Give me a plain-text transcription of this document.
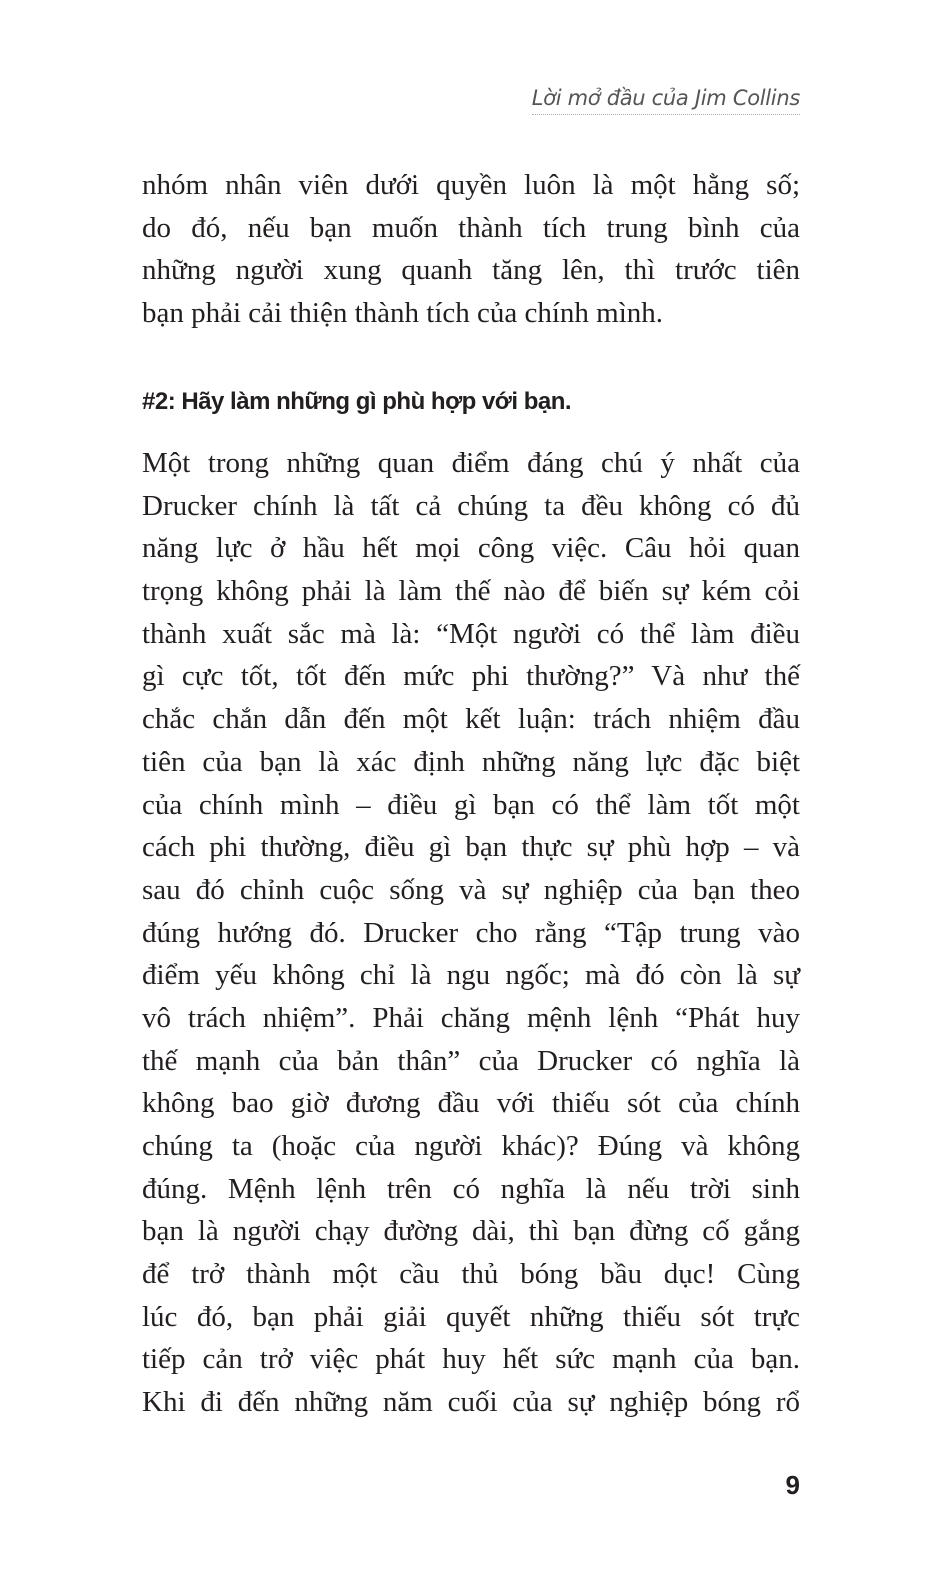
Lời mở đầu của Jim Collins
nhóm nhân viên dưới quyền luôn là một hằng số;
do đó, nếu bạn muốn thành tích trung bình của
những người xung quanh tăng lên, thì trước tiên
bạn phải cải thiện thành tích của chính mình.
#2: Hãy làm những gì phù hợp với bạn.
Một trong những quan điểm đáng chú ý nhất của
Drucker chính là tất cả chúng ta đều không có đủ
năng lực ở hầu hết mọi công việc. Câu hỏi quan
trọng không phải là làm thế nào để biến sự kém cỏi
thành xuất sắc mà là: “Một người có thể làm điều
gì cực tốt, tốt đến mức phi thường?” Và như thế
chắc chắn dẫn đến một kết luận: trách nhiệm đầu
tiên của bạn là xác định những năng lực đặc biệt
của chính mình – điều gì bạn có thể làm tốt một
cách phi thường, điều gì bạn thực sự phù hợp – và
sau đó chỉnh cuộc sống và sự nghiệp của bạn theo
đúng hướng đó. Drucker cho rằng “Tập trung vào
điểm yếu không chỉ là ngu ngốc; mà đó còn là sự
vô trách nhiệm”. Phải chăng mệnh lệnh “Phát huy
thế mạnh của bản thân” của Drucker có nghĩa là
không bao giờ đương đầu với thiếu sót của chính
chúng ta (hoặc của người khác)? Đúng và không
đúng. Mệnh lệnh trên có nghĩa là nếu trời sinh
bạn là người chạy đường dài, thì bạn đừng cố gắng
để trở thành một cầu thủ bóng bầu dục! Cùng
lúc đó, bạn phải giải quyết những thiếu sót trực
tiếp cản trở việc phát huy hết sức mạnh của bạn.
Khi đi đến những năm cuối của sự nghiệp bóng rổ
9
